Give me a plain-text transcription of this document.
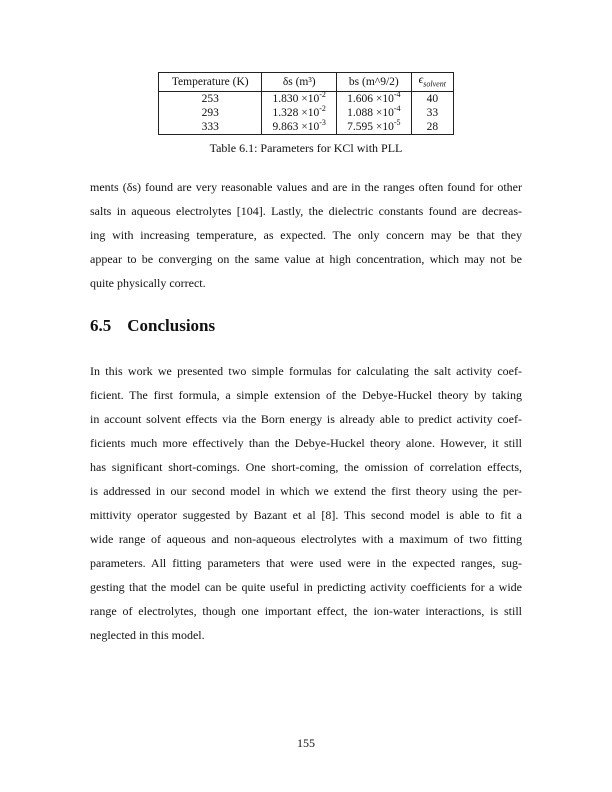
Temperature (K)	δs (m³)	bs (m^9/2)	$\epsilon_{solvent}$
253	$1.830 \times 10^{-2}$	$1.606 \times 10^{-4}$	40
293	$1.328 \times 10^{-2}$	$1.088 \times 10^{-4}$	33
333	$9.863 \times 10^{-3}$	$7.595 \times 10^{-5}$	28
Table 6.1: Parameters for KCl with PLL
ments (δs) found are very reasonable values and are in the ranges often found for other
salts in aqueous electrolytes [104]. Lastly, the dielectric constants found are decreas-
ing with increasing temperature, as expected. The only concern may be that they
appear to be converging on the same value at high concentration, which may not be
quite physically correct.
6.5 Conclusions
In this work we presented two simple formulas for calculating the salt activity coef-
ficient. The first formula, a simple extension of the Debye-Huckel theory by taking
in account solvent effects via the Born energy is already able to predict activity coef-
ficients much more effectively than the Debye-Huckel theory alone. However, it still
has significant short-comings. One short-coming, the omission of correlation effects,
is addressed in our second model in which we extend the first theory using the per-
mittivity operator suggested by Bazant et al [8]. This second model is able to fit a
wide range of aqueous and non-aqueous electrolytes with a maximum of two fitting
parameters. All fitting parameters that were used were in the expected ranges, sug-
gesting that the model can be quite useful in predicting activity coefficients for a wide
range of electrolytes, though one important effect, the ion-water interactions, is still
neglected in this model.
155
